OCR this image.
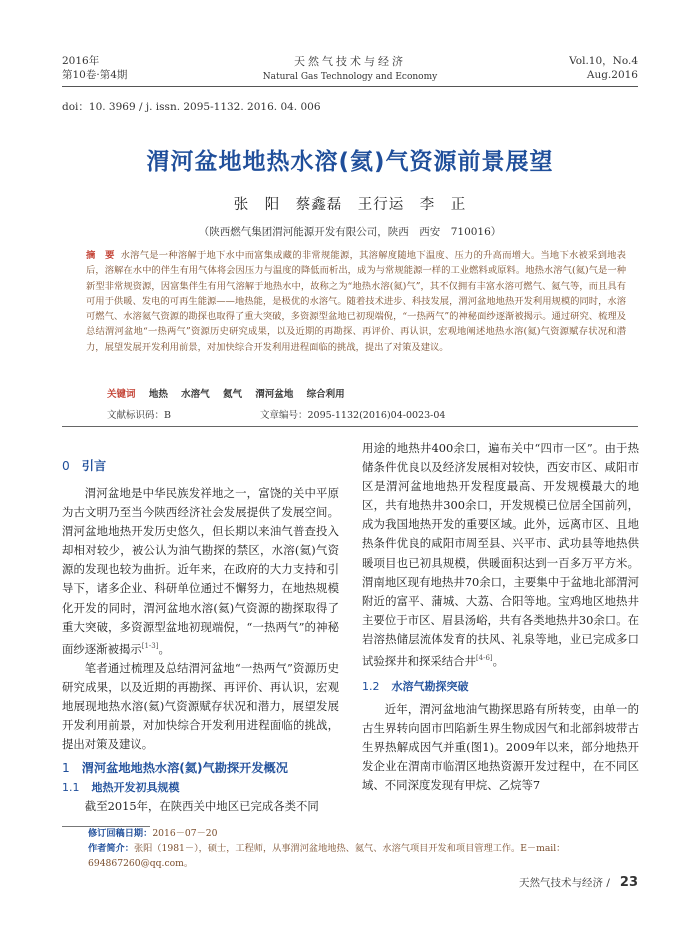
2016年
第10卷·第4期
天然气技术与经济
Natural Gas Technology and Economy
Vol.10，No.4
Aug.2016
doi：10. 3969 / j. issn. 2095-1132. 2016. 04. 006
渭河盆地地热水溶(氦)气资源前景展望
张　阳　蔡鑫磊　王行运　李　正
（陕西燃气集团渭河能源开发有限公司，陕西　西安　710016）
摘　要 水溶气是一种溶解于地下水中而富集成藏的非常规能源，其溶解度随地下温度、压力的升高而增大。当地下水被采到地表后，溶解在水中的伴生有用气体将会因压力与温度的降低而析出，成为与常规能源一样的工业燃料或原料。地热水溶气(氦)气是一种新型非常规资源，因富集伴生有用气溶解于地热水中，故称之为“地热水溶(氦)气”，其不仅拥有丰富水溶可燃气、氦气等，而且具有可用于供暖、发电的可再生能源——地热能，是极优的水溶气。随着技术进步、科技发展，渭河盆地地热开发利用规模的同时，水溶可燃气、水溶氦气资源的勘探也取得了重大突破，多资源型盆地已初现端倪，“一热两气”的神秘面纱逐渐被揭示。通过研究、梳理及总结渭河盆地“一热两气”资源历史研究成果，以及近期的再勘探、再评价、再认识，宏观地阐述地热水溶(氦)气资源赋存状况和潜力，展望发展开发利用前景，对加快综合开发利用进程面临的挑战，提出了对策及建议。
关键词 地热 水溶气 氦气 渭河盆地 综合利用
文献标识码：B	文章编号：2095-1132(2016)04-0023-04
0 引言

渭河盆地是中华民族发祥地之一，富饶的关中平原为古文明乃至当今陕西经济社会发展提供了发展空间。渭河盆地地热开发历史悠久，但长期以来油气普查投入却相对较少，被公认为油气勘探的禁区，水溶(氦)气资源的发现也较为曲折。近年来，在政府的大力支持和引导下，诸多企业、科研单位通过不懈努力，在地热规模化开发的同时，渭河盆地水溶(氦)气资源的勘探取得了重大突破，多资源型盆地初现端倪，“一热两气”的神秘面纱逐渐被揭示[1-3]。

笔者通过梳理及总结渭河盆地“一热两气”资源历史研究成果，以及近期的再勘探、再评价、再认识，宏观地展现地热水溶(氦)气资源赋存状况和潜力，展望发展开发利用前景，对加快综合开发利用进程面临的挑战，提出对策及建议。

1 渭河盆地地热水溶(氦)气勘探开发概况
1.1 地热开发初具规模

截至2015年，在陕西关中地区已完成各类不同

用途的地热井400余口，遍布关中“四市一区”。由于热储条件优良以及经济发展相对较快，西安市区、咸阳市区是渭河盆地地热开发程度最高、开发规模最大的地区，共有地热井300余口，开发规模已位居全国前列，成为我国地热开发的重要区域。此外，远离市区、且地热条件优良的咸阳市周至县、兴平市、武功县等地热供暖项目也已初具规模，供暖面积达到一百多万平方米。渭南地区现有地热井70余口，主要集中于盆地北部渭河附近的富平、蒲城、大荔、合阳等地。宝鸡地区地热井主要位于市区、眉县汤峪，共有各类地热井30余口。在岩溶热储层流体发育的扶风、礼泉等地，业已完成多口试验探井和探采结合井[4-6]。

1.2 水溶气勘探突破

近年，渭河盆地油气勘探思路有所转变，由单一的古生界转向固市凹陷新生界生物成因气和北部斜坡带古生界热解成因气并重(图1)。2009年以来，部分地热开发企业在渭南市临渭区地热资源开发过程中，在不同区域、不同深度发现有甲烷、乙烷等7

修订回稿日期：2016－07－20
作者简介：张阳（1981－），硕士，工程师，从事渭河盆地地热、氦气、水溶气项目开发和项目管理工作。E－mail：694867260@qq.com。
天然气技术与经济 / 23
